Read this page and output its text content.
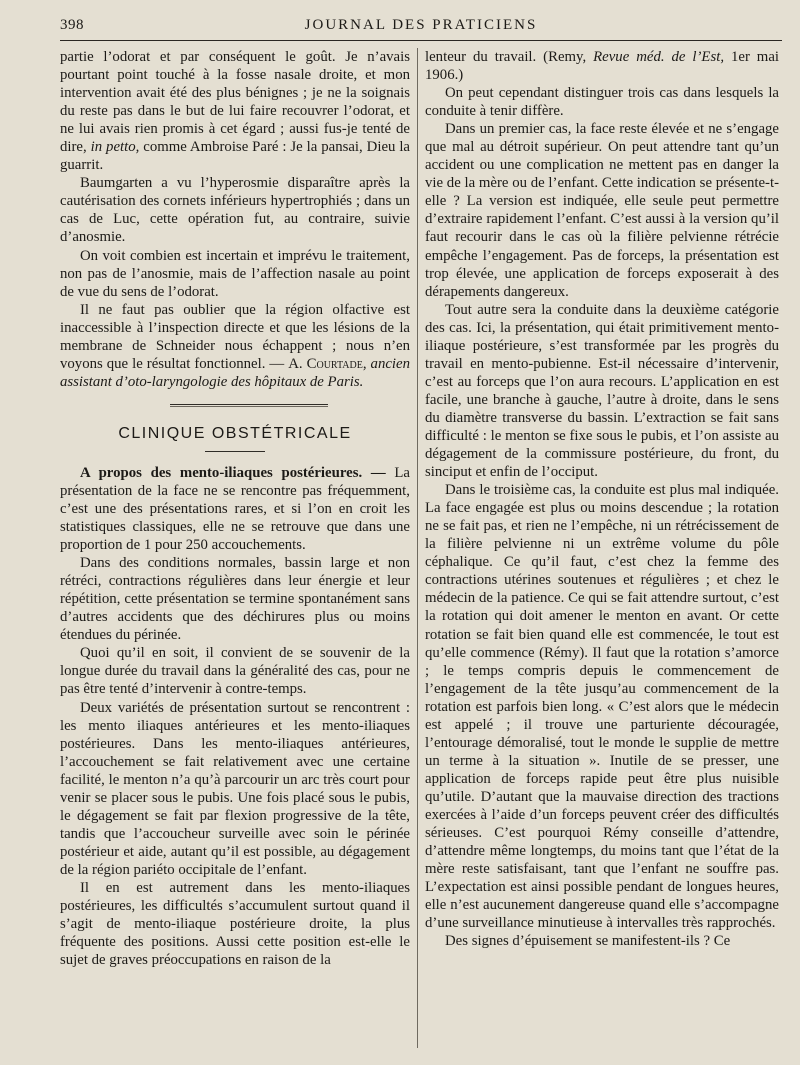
398	JOURNAL DES PRATICIENS

partie l’odorat et par conséquent le goût. Je n’avais pourtant point touché à la fosse nasale droite, et mon intervention avait été des plus bénignes ; je ne la soignais du reste pas dans le but de lui faire recouvrer l’odorat, et ne lui avais rien promis à cet égard ; aussi fus-je tenté de dire, in petto, comme Ambroise Paré : Je la pansai, Dieu la guarrit.

Baumgarten a vu l’hyperosmie disparaître après la cautérisation des cornets inférieurs hypertrophiés ; dans un cas de Luc, cette opération fut, au contraire, suivie d’anosmie.

On voit combien est incertain et imprévu le traitement, non pas de l’anosmie, mais de l’affection nasale au point de vue du sens de l’odorat.

Il ne faut pas oublier que la région olfactive est inaccessible à l’inspection directe et que les lésions de la membrane de Schneider nous échappent ; nous n’en voyons que le résultat fonctionnel. — A. Courtade, ancien assistant d’oto-laryngologie des hôpitaux de Paris.

CLINIQUE OBSTÉTRICALE

A propos des mento-iliaques postérieures. — La présentation de la face ne se rencontre pas fréquemment, c’est une des présentations rares, et si l’on en croit les statistiques classiques, elle ne se retrouve que dans une proportion de 1 pour 250 accouchements.

Dans des conditions normales, bassin large et non rétréci, contractions régulières dans leur énergie et leur répétition, cette présentation se termine spontanément sans d’autres accidents que des déchirures plus ou moins étendues du périnée.

Quoi qu’il en soit, il convient de se souvenir de la longue durée du travail dans la généralité des cas, pour ne pas être tenté d’intervenir à contre-temps.

Deux variétés de présentation surtout se rencontrent : les mento iliaques antérieures et les mento-iliaques postérieures. Dans les mento-iliaques antérieures, l’accouchement se fait relativement avec une certaine facilité, le menton n’a qu’à parcourir un arc très court pour venir se placer sous le pubis. Une fois placé sous le pubis, le dégagement se fait par flexion progressive de la tête, tandis que l’accoucheur surveille avec soin le périnée postérieur et aide, autant qu’il est possible, au dégagement de la région pariéto occipitale de l’enfant.

Il en est autrement dans les mento-iliaques postérieures, les difficultés s’accumulent surtout quand il s’agit de mento-iliaque postérieure droite, la plus fréquente des positions. Aussi cette position est-elle le sujet de graves préoccupations en raison de la

lenteur du travail. (Remy, Revue méd. de l’Est, 1er mai 1906.)

On peut cependant distinguer trois cas dans lesquels la conduite à tenir diffère.

Dans un premier cas, la face reste élevée et ne s’engage que mal au détroit supérieur. On peut attendre tant qu’un accident ou une complication ne mettent pas en danger la vie de la mère ou de l’enfant. Cette indication se présente-t-elle ? La version est indiquée, elle seule peut permettre d’extraire rapidement l’enfant. C’est aussi à la version qu’il faut recourir dans le cas où la filière pelvienne rétrécie empêche l’engagement. Pas de forceps, la présentation est trop élevée, une application de forceps exposerait à des dérapements dangereux.

Tout autre sera la conduite dans la deuxième catégorie des cas. Ici, la présentation, qui était primitivement mento-iliaque postérieure, s’est transformée par les progrès du travail en mento-pubienne. Est-il nécessaire d’intervenir, c’est au forceps que l’on aura recours. L’application en est facile, une branche à gauche, l’autre à droite, dans le sens du diamètre transverse du bassin. L’extraction se fait sans difficulté : le menton se fixe sous le pubis, et l’on assiste au dégagement de la commissure postérieure, du front, du sinciput et enfin de l’occiput.

Dans le troisième cas, la conduite est plus mal indiquée. La face engagée est plus ou moins descendue ; la rotation ne se fait pas, et rien ne l’empêche, ni un rétrécissement de la filière pelvienne ni un extrême volume du pôle céphalique. Ce qu’il faut, c’est chez la femme des contractions utérines soutenues et régulières ; et chez le médecin de la patience. Ce qui se fait attendre surtout, c’est la rotation qui doit amener le menton en avant. Or cette rotation se fait bien quand elle est commencée, le tout est qu’elle commence (Rémy). Il faut que la rotation s’amorce ; le temps compris depuis le commencement de l’engagement de la tête jusqu’au commencement de la rotation est parfois bien long. « C’est alors que le médecin est appelé ; il trouve une parturiente découragée, l’entourage démoralisé, tout le monde le supplie de mettre un terme à la situation ». Inutile de se presser, une application de forceps rapide peut être plus nuisible qu’utile. D’autant que la mauvaise direction des tractions exercées à l’aide d’un forceps peuvent créer des difficultés sérieuses. C’est pourquoi Rémy conseille d’attendre, d’attendre même longtemps, du moins tant que l’état de la mère reste satisfaisant, tant que l’enfant ne souffre pas. L’expectation est ainsi possible pendant de longues heures, elle n’est aucunement dangereuse quand elle s’accompagne d’une surveillance minutieuse à intervalles très rapprochés.

Des signes d’épuisement se manifestent-ils ? Ce
